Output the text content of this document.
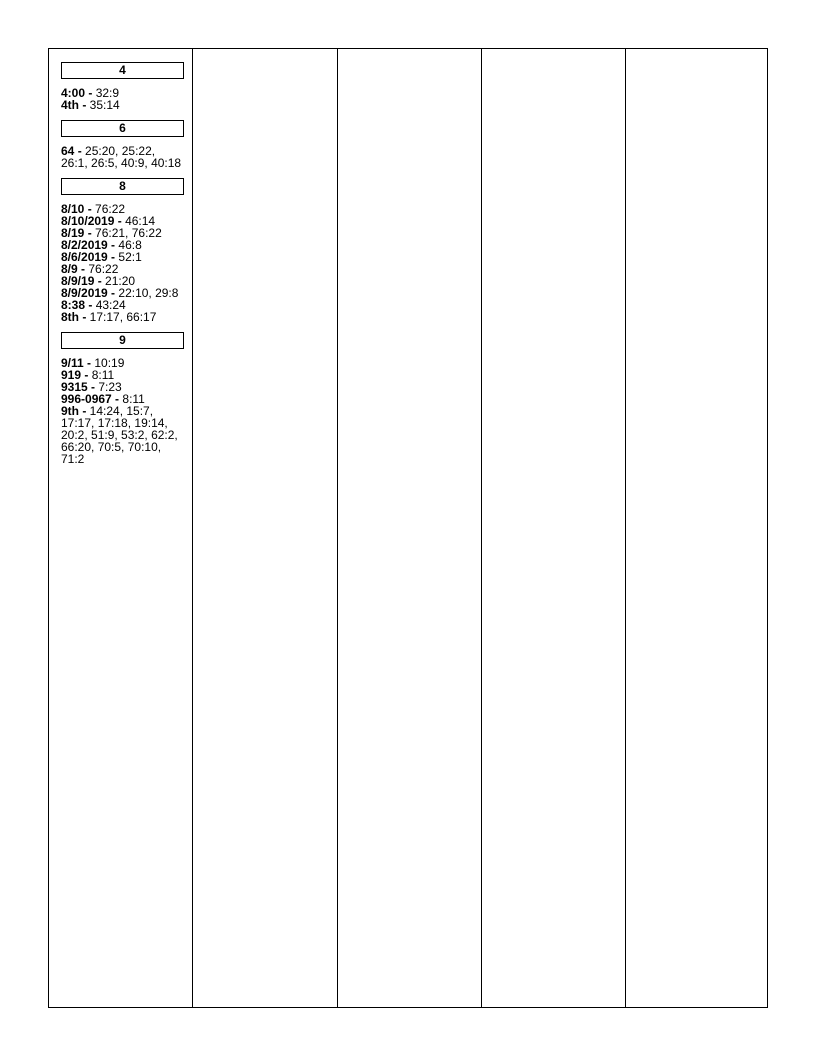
4
4:00 - 32:9
4th - 35:14
6
64 - 25:20, 25:22, 26:1, 26:5, 40:9, 40:18
8
8/10 - 76:22
8/10/2019 - 46:14
8/19 - 76:21, 76:22
8/2/2019 - 46:8
8/6/2019 - 52:1
8/9 - 76:22
8/9/19 - 21:20
8/9/2019 - 22:10, 29:8
8:38 - 43:24
8th - 17:17, 66:17
9
9/11 - 10:19
919 - 8:11
9315 - 7:23
996-0967 - 8:11
9th - 14:24, 15:7, 17:17, 17:18, 19:14, 20:2, 51:9, 53:2, 62:2, 66:20, 70:5, 70:10, 71:2
